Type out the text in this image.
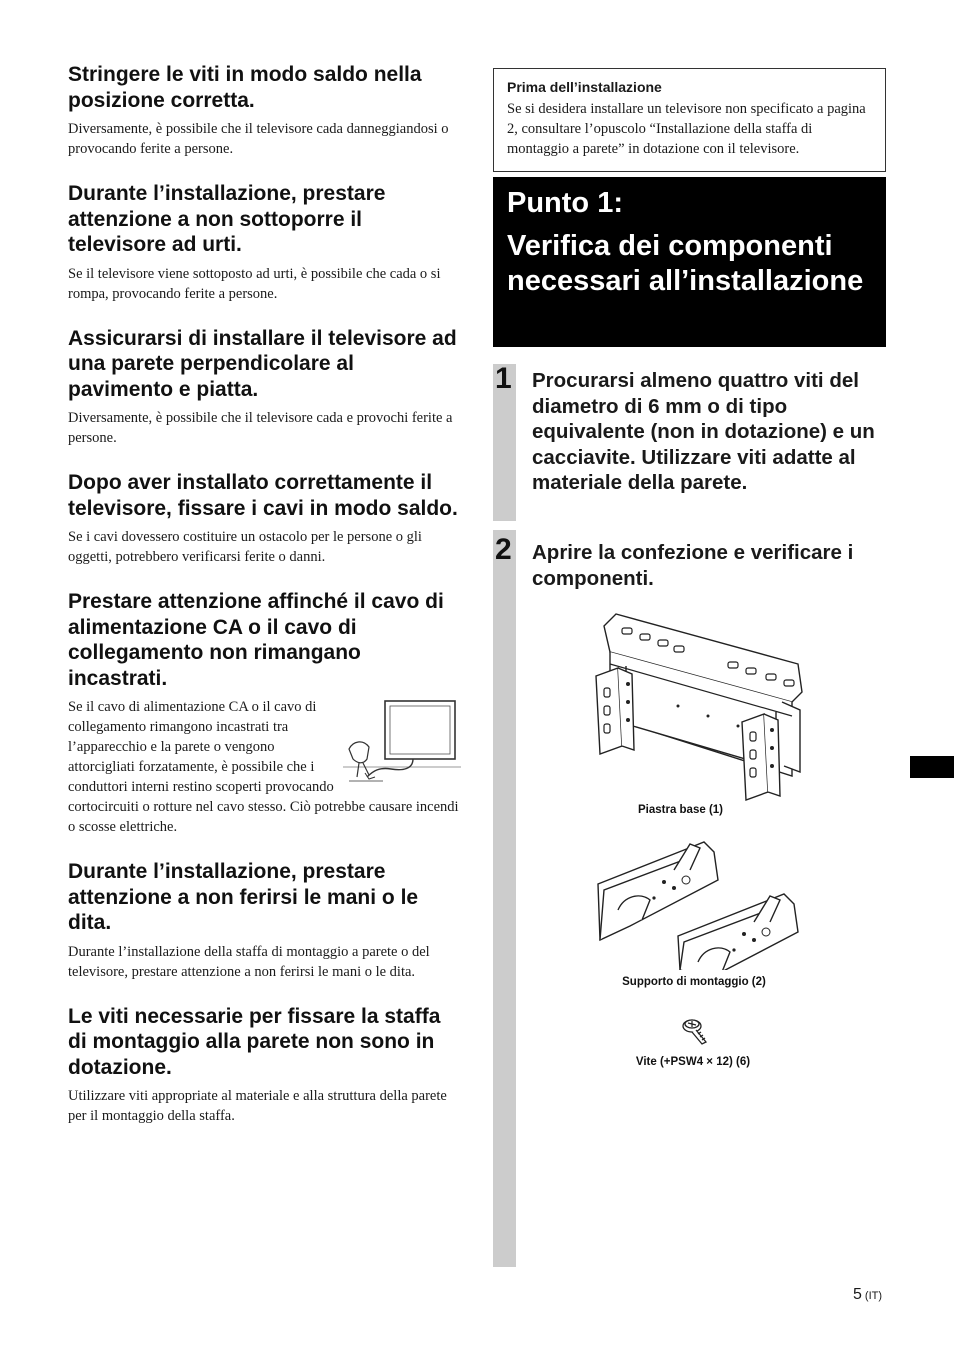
Stringere le viti in modo saldo nella posizione corretta.

Diversamente, è possibile che il televisore cada danneggiandosi o provocando ferite a persone.

Durante l’installazione, prestare attenzione a non sottoporre il televisore ad urti.

Se il televisore viene sottoposto ad urti, è possibile che cada o si rompa, provocando ferite a persone.

Assicurarsi di installare il televisore ad una parete perpendicolare al pavimento e piatta.

Diversamente, è possibile che il televisore cada e provochi ferite a persone.

Dopo aver installato correttamente il televisore, fissare i cavi in modo saldo.

Se i cavi dovessero costituire un ostacolo per le persone o gli oggetti, potrebbero verificarsi ferite o danni.

Prestare attenzione affinché il cavo di alimentazione CA o il cavo di collegamento non rimangano incastrati.

Se il cavo di alimentazione CA o il cavo di collegamento rimangono incastrati tra l’apparecchio e la parete o vengono attorcigliati forzatamente, è possibile che i conduttori interni restino scoperti provocando cortocircuiti o rotture nel cavo stesso. Ciò potrebbe causare incendi o scosse elettriche.

Durante l’installazione, prestare attenzione a non ferirsi le mani o le dita.

Durante l’installazione della staffa di montaggio a parete o del televisore, prestare attenzione a non ferirsi le mani o le dita.

Le viti necessarie per fissare la staffa di montaggio alla parete non sono in dotazione.

Utilizzare viti appropriate al materiale e alla struttura della parete per il montaggio della staffa.

Prima dell’installazione

Se si desidera installare un televisore non specificato a pagina 2, consultare l’opuscolo “Installazione della staffa di montaggio a parete” in dotazione con il televisore.

Punto 1:
Verifica dei componenti necessari all’installazione
1 Procurarsi almeno quattro viti del diametro di 6 mm o di tipo equivalente (non in dotazione) e un cacciavite. Utilizzare viti adatte al materiale della parete.

2 Aprire la confezione e verificare i componenti.

Piastra base (1)
Supporto di montaggio (2)
Vite (+PSW4 × 12) (6)
5 (IT)
